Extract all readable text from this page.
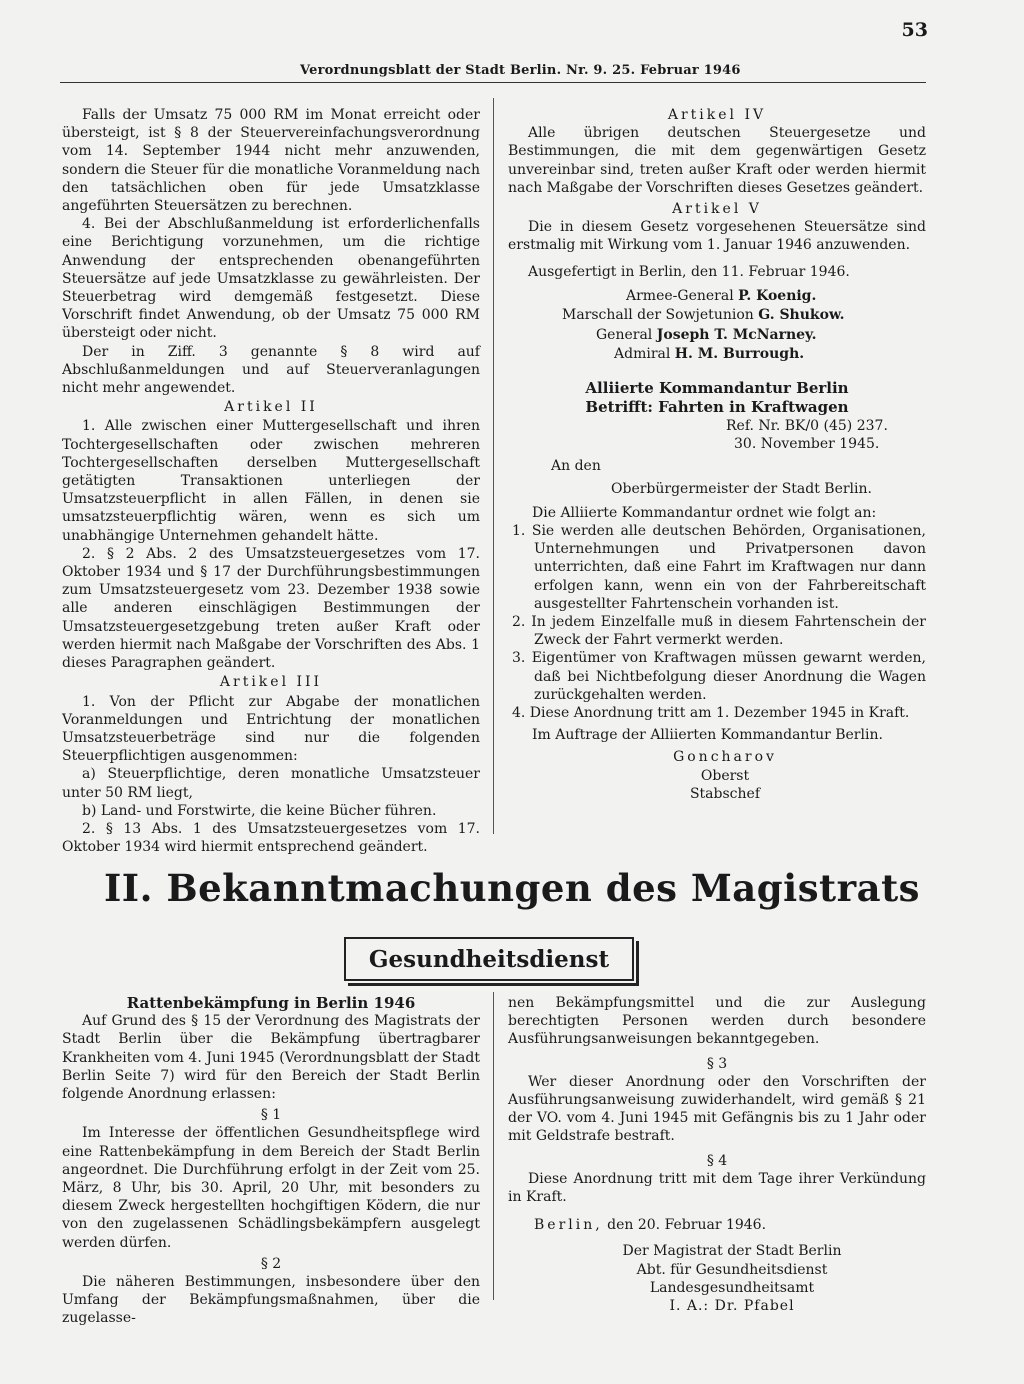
53
Verordnungsblatt der Stadt Berlin. Nr. 9. 25. Februar 1946

Falls der Umsatz 75 000 RM im Monat erreicht oder übersteigt, ist § 8 der Steuervereinfachungsverordnung vom 14. September 1944 nicht mehr anzuwenden, sondern die Steuer für die monatliche Voranmeldung nach den tatsächlichen oben für jede Umsatzklasse angeführten Steuersätzen zu berechnen.

4. Bei der Abschlußanmeldung ist erforderlichenfalls eine Berichtigung vorzunehmen, um die richtige Anwendung der entsprechenden obenangeführten Steuersätze auf jede Umsatzklasse zu gewährleisten. Der Steuerbetrag wird demgemäß festgesetzt. Diese Vorschrift findet Anwendung, ob der Umsatz 75 000 RM übersteigt oder nicht.

Der in Ziff. 3 genannte § 8 wird auf Abschlußanmeldungen und auf Steuerveranlagungen nicht mehr angewendet.

Artikel II

1. Alle zwischen einer Muttergesellschaft und ihren Tochtergesellschaften oder zwischen mehreren Tochtergesellschaften derselben Muttergesellschaft getätigten Transaktionen unterliegen der Umsatzsteuerpflicht in allen Fällen, in denen sie umsatzsteuerpflichtig wären, wenn es sich um unabhängige Unternehmen gehandelt hätte.

2. § 2 Abs. 2 des Umsatzsteuergesetzes vom 17. Oktober 1934 und § 17 der Durchführungsbestimmungen zum Umsatzsteuergesetz vom 23. Dezember 1938 sowie alle anderen einschlägigen Bestimmungen der Umsatzsteuergesetzgebung treten außer Kraft oder werden hiermit nach Maßgabe der Vorschriften des Abs. 1 dieses Paragraphen geändert.

Artikel III

1. Von der Pflicht zur Abgabe der monatlichen Voranmeldungen und Entrichtung der monatlichen Umsatzsteuerbeträge sind nur die folgenden Steuerpflichtigen ausgenommen:

a) Steuerpflichtige, deren monatliche Umsatzsteuer unter 50 RM liegt,

b) Land- und Forstwirte, die keine Bücher führen.

2. § 13 Abs. 1 des Umsatzsteuergesetzes vom 17. Oktober 1934 wird hiermit entsprechend geändert.

Artikel IV

Alle übrigen deutschen Steuergesetze und Bestimmungen, die mit dem gegenwärtigen Gesetz unvereinbar sind, treten außer Kraft oder werden hiermit nach Maßgabe der Vorschriften dieses Gesetzes geändert.

Artikel V

Die in diesem Gesetz vorgesehenen Steuersätze sind erstmalig mit Wirkung vom 1. Januar 1946 anzuwenden.

Ausgefertigt in Berlin, den 11. Februar 1946.

Armee-General P. Koenig.

Marschall der Sowjetunion G. Shukow.

General Joseph T. McNarney.

Admiral H. M. Burrough.

Alliierte Kommandantur Berlin

Betrifft: Fahrten in Kraftwagen

Ref. Nr. BK/0 (45) 237.

30. November 1945.

An den

Oberbürgermeister der Stadt Berlin.

Die Alliierte Kommandantur ordnet wie folgt an:

1. Sie werden alle deutschen Behörden, Organisationen, Unternehmungen und Privatpersonen davon unterrichten, daß eine Fahrt im Kraftwagen nur dann erfolgen kann, wenn ein von der Fahrbereitschaft ausgestellter Fahrtenschein vorhanden ist.

2. In jedem Einzelfalle muß in diesem Fahrtenschein der Zweck der Fahrt vermerkt werden.

3. Eigentümer von Kraftwagen müssen gewarnt werden, daß bei Nichtbefolgung dieser Anordnung die Wagen zurückgehalten werden.

4. Diese Anordnung tritt am 1. Dezember 1945 in Kraft.

Im Auftrage der Alliierten Kommandantur Berlin.

Goncharov

Oberst

Stabschef

II. Bekanntmachungen des Magistrats
Gesundheitsdienst

Rattenbekämpfung in Berlin 1946

Auf Grund des § 15 der Verordnung des Magistrats der Stadt Berlin über die Bekämpfung übertragbarer Krankheiten vom 4. Juni 1945 (Verordnungsblatt der Stadt Berlin Seite 7) wird für den Bereich der Stadt Berlin folgende Anordnung erlassen:

§ 1

Im Interesse der öffentlichen Gesundheitspflege wird eine Rattenbekämpfung in dem Bereich der Stadt Berlin angeordnet. Die Durchführung erfolgt in der Zeit vom 25. März, 8 Uhr, bis 30. April, 20 Uhr, mit besonders zu diesem Zweck hergestellten hochgiftigen Ködern, die nur von den zugelassenen Schädlingsbekämpfern ausgelegt werden dürfen.

§ 2

Die näheren Bestimmungen, insbesondere über den Umfang der Bekämpfungsmaßnahmen, über die zugelasse-

nen Bekämpfungsmittel und die zur Auslegung berechtigten Personen werden durch besondere Ausführungsanweisungen bekanntgegeben.

§ 3

Wer dieser Anordnung oder den Vorschriften der Ausführungsanweisung zuwiderhandelt, wird gemäß § 21 der VO. vom 4. Juni 1945 mit Gefängnis bis zu 1 Jahr oder mit Geldstrafe bestraft.

§ 4

Diese Anordnung tritt mit dem Tage ihrer Verkündung in Kraft.

Berlin, den 20. Februar 1946.

Der Magistrat der Stadt Berlin

Abt. für Gesundheitsdienst

Landesgesundheitsamt

I. A.: Dr. Pfabel
